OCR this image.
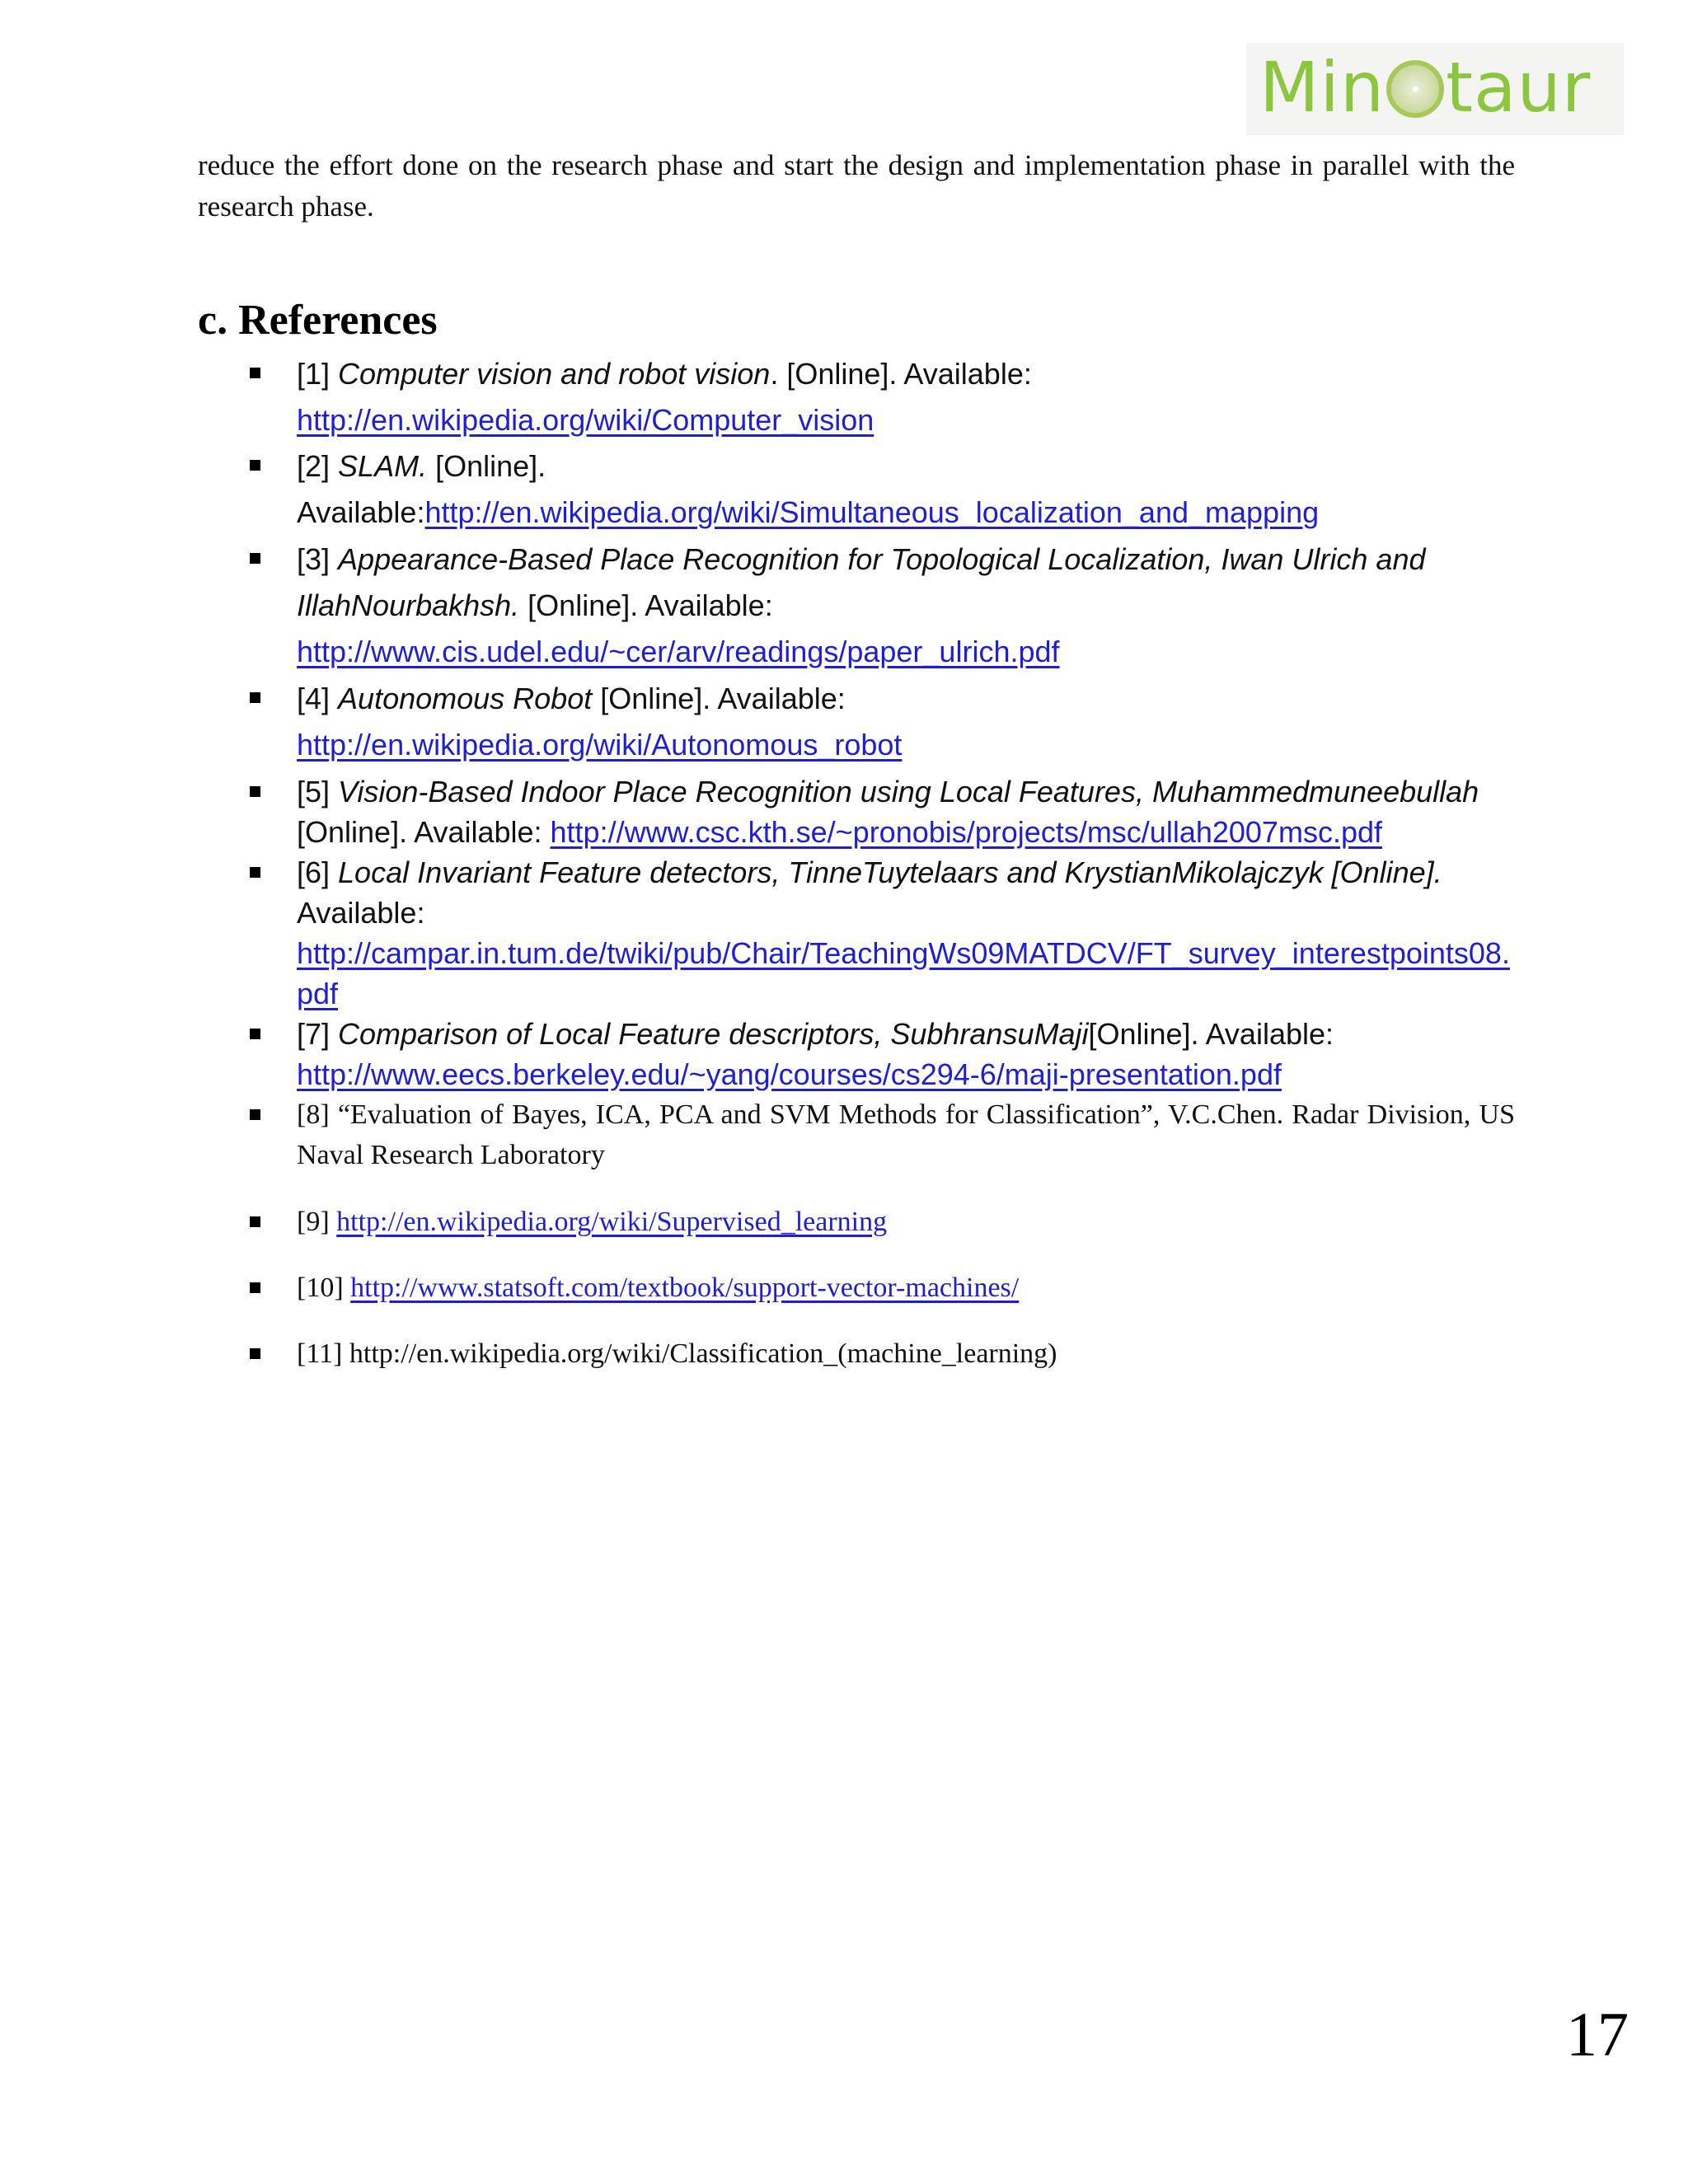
Min taur

reduce the effort done on the research phase and start the design and implementation phase in parallel with the research phase.

c. References
[1] Computer vision and robot vision. [Online]. Available:
http://en.wikipedia.org/wiki/Computer_vision
[2] SLAM. [Online].
Available:http://en.wikipedia.org/wiki/Simultaneous_localization_and_mapping
[3] Appearance-Based Place Recognition for Topological Localization, Iwan Ulrich and IllahNourbakhsh. [Online]. Available:
http://www.cis.udel.edu/~cer/arv/readings/paper_ulrich.pdf
[4] Autonomous Robot [Online]. Available:
http://en.wikipedia.org/wiki/Autonomous_robot
[5] Vision-Based Indoor Place Recognition using Local Features, Muhammedmuneebullah
[Online]. Available: http://www.csc.kth.se/~pronobis/projects/msc/ullah2007msc.pdf
[6] Local Invariant Feature detectors, TinneTuytelaars and KrystianMikolajczyk [Online].
Available:
http://campar.in.tum.de/twiki/pub/Chair/TeachingWs09MATDCV/FT_survey_interestpoints08.pdf
[7] Comparison of Local Feature descriptors, SubhransuMaji[Online]. Available:
http://www.eecs.berkeley.edu/~yang/courses/cs294-6/maji-presentation.pdf
[8] “Evaluation of Bayes, ICA, PCA and SVM Methods for Classification”, V.C.Chen. Radar Division, US Naval Research Laboratory
[9] http://en.wikipedia.org/wiki/Supervised_learning
[10] http://www.statsoft.com/textbook/support-vector-machines/
[11] http://en.wikipedia.org/wiki/Classification_(machine_learning)
17
